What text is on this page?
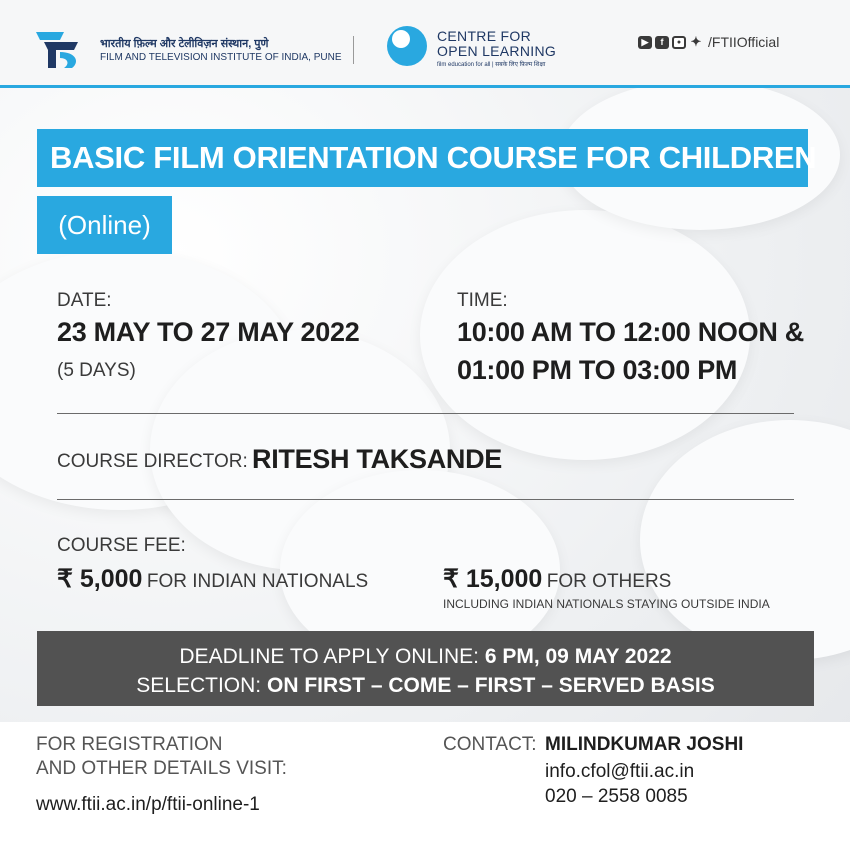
भारतीय फ़िल्म और टेलीविज़न संस्थान, पुणे
FILM AND TELEVISION INSTITUTE OF INDIA, PUNE
CENTRE FOR
OPEN LEARNING
film education for all | सबके लिए फ़िल्म शिक्षा
▶	f	● ✦ /FTIIOfficial
BASIC FILM ORIENTATION COURSE FOR CHILDREN
(Online)
DATE:
23 MAY TO 27 MAY 2022
(5 DAYS)
TIME:
10:00 AM TO 12:00 NOON &
01:00 PM TO 03:00 PM
COURSE DIRECTOR: RITESH TAKSANDE
COURSE FEE:
₹ 5,000 FOR INDIAN NATIONALS	₹ 15,000 FOR OTHERS
INCLUDING INDIAN NATIONALS STAYING OUTSIDE INDIA
DEADLINE TO APPLY ONLINE: 6 PM, 09 MAY 2022
SELECTION: ON FIRST – COME – FIRST – SERVED BASIS
FOR REGISTRATION
AND OTHER DETAILS VISIT:
www.ftii.ac.in/p/ftii-online-1
CONTACT: MILINDKUMAR JOSHI
info.cfol@ftii.ac.in
020 – 2558 0085
